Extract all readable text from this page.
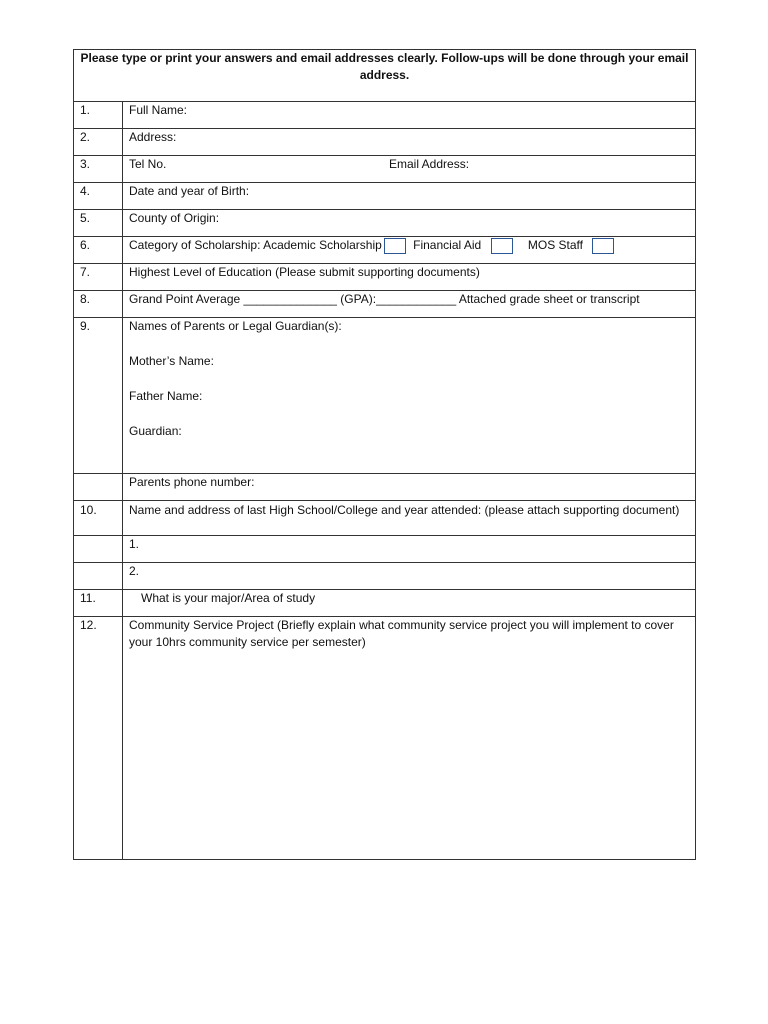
Please type or print your answers and email addresses clearly. Follow-ups will be done through your email address.	
1.	Full Name:
2.	Address:
3.	Tel No. Email Address:

4.	Date and year of Birth:
5.	County of Origin:
6.	Category of Scholarship: Academic Scholarship Financial Aid MOS Staff
7.	Highest Level of Education (Please submit supporting documents)
8.	Grand Point Average ______________ (GPA):____________ Attached grade sheet or transcript
9.	Names of Parents or Legal Guardian(s):

Mother’s Name:

Father Name:

Guardian:

	Parents phone number:
10.	Name and address of last High School/College and year attended: (please attach supporting document)
	1.
	2.
11.	What is your major/Area of study
12.	Community Service Project (Briefly explain what community service project you will implement to cover your 10hrs community service per semester)
